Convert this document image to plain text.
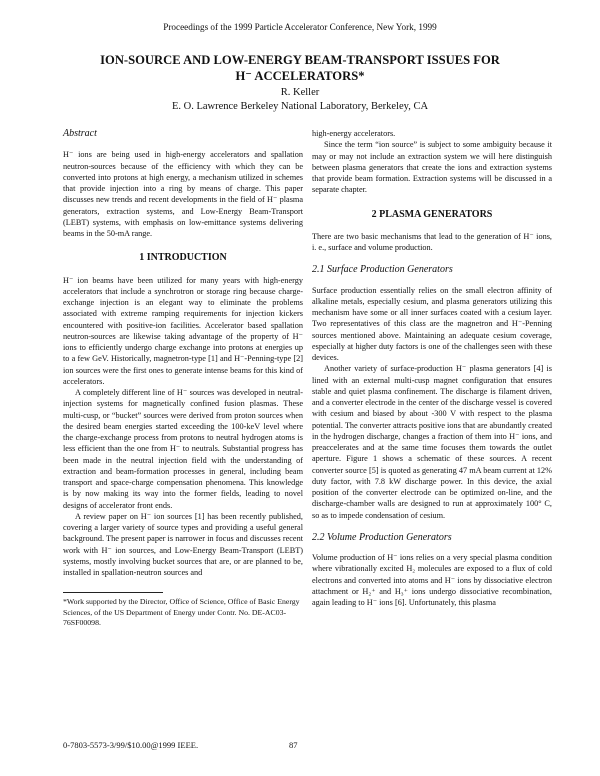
Proceedings of the 1999 Particle Accelerator Conference, New York, 1999
ION-SOURCE AND LOW-ENERGY BEAM-TRANSPORT ISSUES FOR
H⁻ ACCELERATORS*
R. Keller
E. O. Lawrence Berkeley National Laboratory, Berkeley, CA
Abstract

H⁻ ions are being used in high-energy accelerators and spallation neutron-sources because of the efficiency with which they can be converted into protons at high energy, a mechanism utilized in schemes that provide injection into a ring by means of charge. This paper discusses new trends and recent developments in the field of H⁻ plasma generators, extraction systems, and Low-Energy Beam-Transport (LEBT) systems, with emphasis on low-emittance systems delivering beams in the 50-mA range.

1 INTRODUCTION

H⁻ ion beams have been utilized for many years with high-energy accelerators that include a synchrotron or storage ring because charge-exchange injection is an elegant way to eliminate the problems associated with extreme ramping requirements for injection kickers encountered with positive-ion facilities. Accelerator based spallation neutron-sources are likewise taking advantage of the property of H⁻ ions to efficiently undergo charge exchange into protons at energies up to a few GeV. Historically, magnetron-type [1] and H⁻-Penning-type [2] ion sources were the first ones to generate intense beams for this kind of accelerators.

A completely different line of H⁻ sources was developed in neutral-injection systems for magnetically confined fusion plasmas. These multi-cusp, or “bucket” sources were derived from proton sources when the desired beam energies started exceeding the 100-keV level where the charge-exchange process from protons to neutral hydrogen atoms is less efficient than the one from H⁻ to neutrals. Substantial progress has been made in the neutral injection field with the understanding of extraction and beam-formation processes in general, including beam transport and space-charge compensation phenomena. This knowledge is by now making its way into the former fields, leading to novel designs of accelerator front ends.

A review paper on H⁻ ion sources [1] has been recently published, covering a larger variety of source types and providing a useful general background. The present paper is narrower in focus and discusses recent work with H⁻ ion sources, and Low-Energy Beam-Transport (LEBT) systems, mostly involving bucket sources that are, or are planned to be, installed in spallation-neutron sources and

*Work supported by the Director, Office of Science, Office of Basic Energy Sciences, of the US Department of Energy under Contr. No. DE-AC03-76SF00098.

high-energy accelerators.

Since the term “ion source” is subject to some ambiguity because it may or may not include an extraction system we will here distinguish between plasma generators that create the ions and extraction systems that provide beam formation. Extraction systems will be discussed in a separate chapter.

2 PLASMA GENERATORS

There are two basic mechanisms that lead to the generation of H⁻ ions, i. e., surface and volume production.

2.1 Surface Production Generators

Surface production essentially relies on the small electron affinity of alkaline metals, especially cesium, and plasma generators utilizing this mechanism have some or all inner surfaces coated with a cesium layer. Two representatives of this class are the magnetron and H⁻-Penning sources mentioned above. Maintaining an adequate cesium coverage, especially at higher duty factors is one of the challenges seen with these devices.

Another variety of surface-production H⁻ plasma generators [4] is lined with an external multi-cusp magnet configuration that ensures stable and quiet plasma confinement. The discharge is filament driven, and a converter electrode in the center of the discharge vessel is covered with cesium and biased by about -300 V with respect to the plasma potential. The converter attracts positive ions that are abundantly created in the hydrogen discharge, changes a fraction of them into H⁻ ions, and preaccelerates and at the same time focuses them towards the outlet aperture. Figure 1 shows a schematic of these sources. A recent converter source [5] is quoted as generating 47 mA beam current at 12% duty factor, with 7.8 kW discharge power. In this device, the axial position of the converter electrode can be optimized on-line, and the discharge-chamber walls are designed to run at approximately 100° C, so as to impede condensation of cesium.

2.2 Volume Production Generators

Volume production of H⁻ ions relies on a very special plasma condition where vibrationally excited H₂ molecules are exposed to a flux of cold electrons and converted into atoms and H⁻ ions by dissociative electron attachment or H₂⁺ and H₃⁺ ions undergo dissociative recombination, again leading to H⁻ ions [6]. Unfortunately, this plasma

0-7803-5573-3/99/$10.00@1999 IEEE.	87
